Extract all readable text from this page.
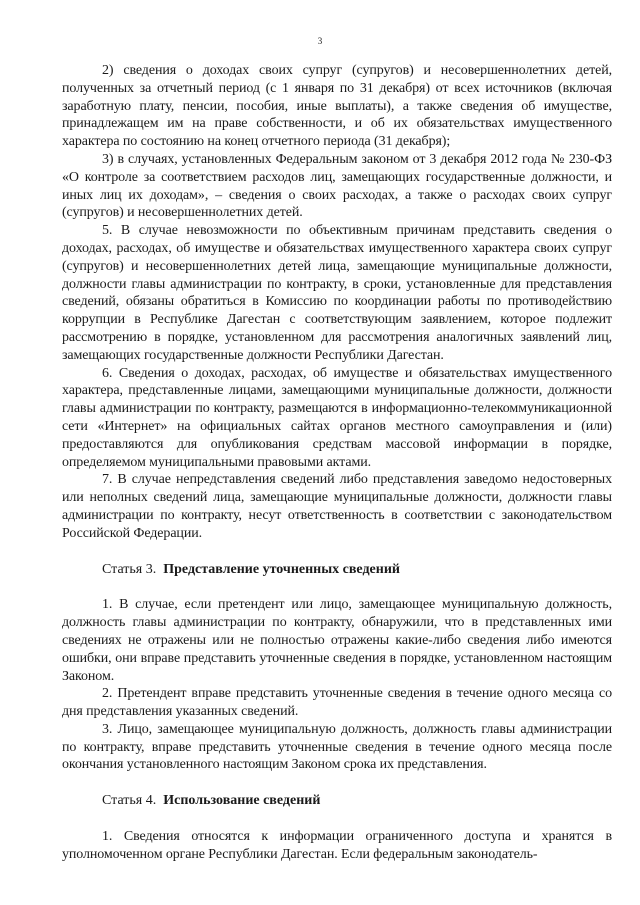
3

2) сведения о доходах своих супруг (супругов) и несовершеннолетних детей, полученных за отчетный период (с 1 января по 31 декабря) от всех источников (включая заработную плату, пенсии, пособия, иные выплаты), а также сведения об имуществе, принадлежащем им на праве собственности, и об их обязательствах имущественного характера по состоянию на конец отчетного периода (31 декабря);

3) в случаях, установленных Федеральным законом от 3 декабря 2012 года № 230-ФЗ «О контроле за соответствием расходов лиц, замещающих государственные должности, и иных лиц их доходам», – сведения о своих расходах, а также о расходах своих супруг (супругов) и несовершеннолетних детей.

5. В случае невозможности по объективным причинам представить сведения о доходах, расходах, об имуществе и обязательствах имущественного характера своих супруг (супругов) и несовершеннолетних детей лица, замещающие муниципальные должности, должности главы администрации по контракту, в сроки, установленные для представления сведений, обязаны обратиться в Комиссию по координации работы по противодействию коррупции в Республике Дагестан с соответствующим заявлением, которое подлежит рассмотрению в порядке, установленном для рассмотрения аналогичных заявлений лиц, замещающих государственные должности Республики Дагестан.

6. Сведения о доходах, расходах, об имуществе и обязательствах имущественного характера, представленные лицами, замещающими муниципальные должности, должности главы администрации по контракту, размещаются в информационно-телекоммуникационной сети «Интернет» на официальных сайтах органов местного самоуправления и (или) предоставляются для опубликования средствам массовой информации в порядке, определяемом муниципальными правовыми актами.

7. В случае непредставления сведений либо представления заведомо недостоверных или неполных сведений лица, замещающие муниципальные должности, должности главы администрации по контракту, несут ответственность в соответствии с законодательством Российской Федерации.

Статья 3. Представление уточненных сведений

1. В случае, если претендент или лицо, замещающее муниципальную должность, должность главы администрации по контракту, обнаружили, что в представленных ими сведениях не отражены или не полностью отражены какие-либо сведения либо имеются ошибки, они вправе представить уточненные сведения в порядке, установленном настоящим Законом.

2. Претендент вправе представить уточненные сведения в течение одного месяца со дня представления указанных сведений.

3. Лицо, замещающее муниципальную должность, должность главы администрации по контракту, вправе представить уточненные сведения в течение одного месяца после окончания установленного настоящим Законом срока их представления.

Статья 4. Использование сведений

1. Сведения относятся к информации ограниченного доступа и хранятся в уполномоченном органе Республики Дагестан. Если федеральным законодатель-
